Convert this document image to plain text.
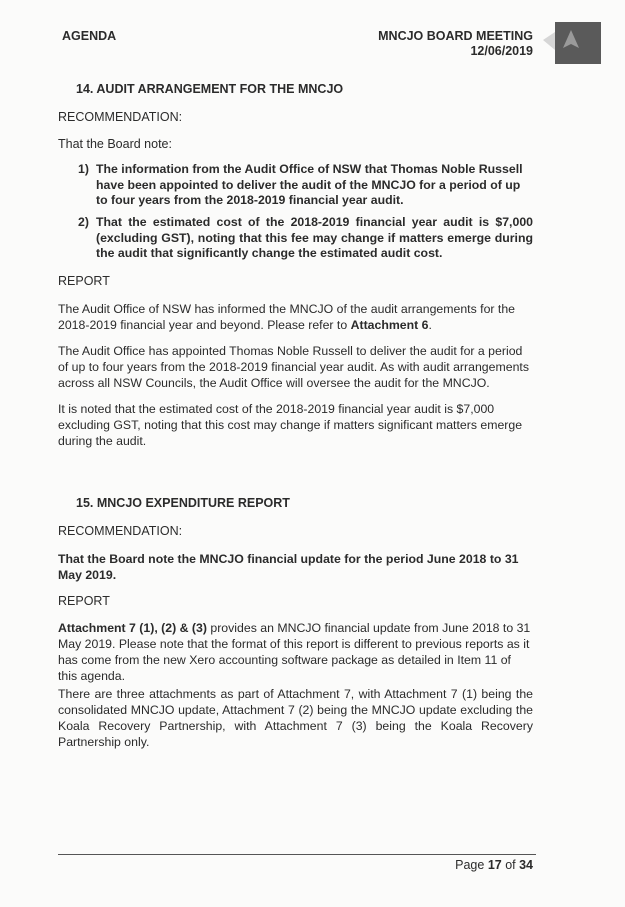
AGENDA	MNCJO BOARD MEETING
12/06/2019
14. AUDIT ARRANGEMENT FOR THE MNCJO
RECOMMENDATION:
That the Board note:
1) The information from the Audit Office of NSW that Thomas Noble Russell have been appointed to deliver the audit of the MNCJO for a period of up to four years from the 2018-2019 financial year audit.
2) That the estimated cost of the 2018-2019 financial year audit is $7,000 (excluding GST), noting that this fee may change if matters emerge during the audit that significantly change the estimated audit cost.
REPORT
The Audit Office of NSW has informed the MNCJO of the audit arrangements for the 2018-2019 financial year and beyond. Please refer to Attachment 6.
The Audit Office has appointed Thomas Noble Russell to deliver the audit for a period of up to four years from the 2018-2019 financial year audit. As with audit arrangements across all NSW Councils, the Audit Office will oversee the audit for the MNCJO.
It is noted that the estimated cost of the 2018-2019 financial year audit is $7,000 excluding GST, noting that this cost may change if matters significant matters emerge during the audit.
15. MNCJO EXPENDITURE REPORT
RECOMMENDATION:
That the Board note the MNCJO financial update for the period June 2018 to 31 May 2019.
REPORT
Attachment 7 (1), (2) & (3) provides an MNCJO financial update from June 2018 to 31 May 2019. Please note that the format of this report is different to previous reports as it has come from the new Xero accounting software package as detailed in Item 11 of this agenda.
There are three attachments as part of Attachment 7, with Attachment 7 (1) being the consolidated MNCJO update, Attachment 7 (2) being the MNCJO update excluding the Koala Recovery Partnership, with Attachment 7 (3) being the Koala Recovery Partnership only.
Page 17 of 34
